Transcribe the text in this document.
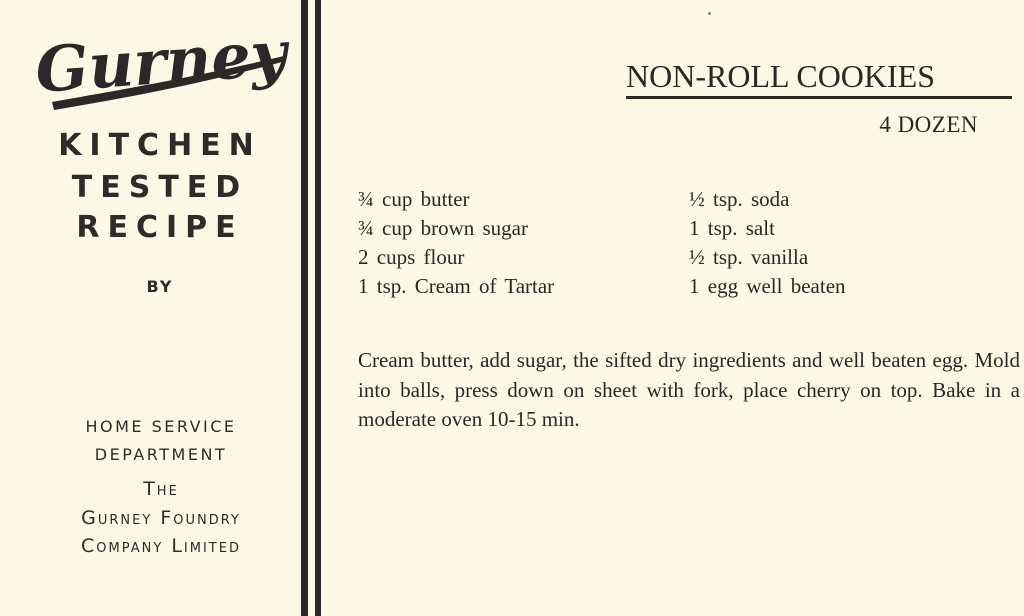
Gurney
KITCHEN
TESTED
RECIPE
BY
HOME SERVICE
DEPARTMENT
The
Gurney Foundry
Company Limited
NON-ROLL COOKIES
4 DOZEN
¾ cup butter
¾ cup brown sugar
2 cups flour
1 tsp. Cream of Tartar
½ tsp. soda
1 tsp. salt
½ tsp. vanilla
1 egg well beaten
Cream butter, add sugar, the sifted dry ingredients and well beaten egg. Mold into balls, press down on sheet with fork, place cherry on top. Bake in a moderate oven 10-15 min.
